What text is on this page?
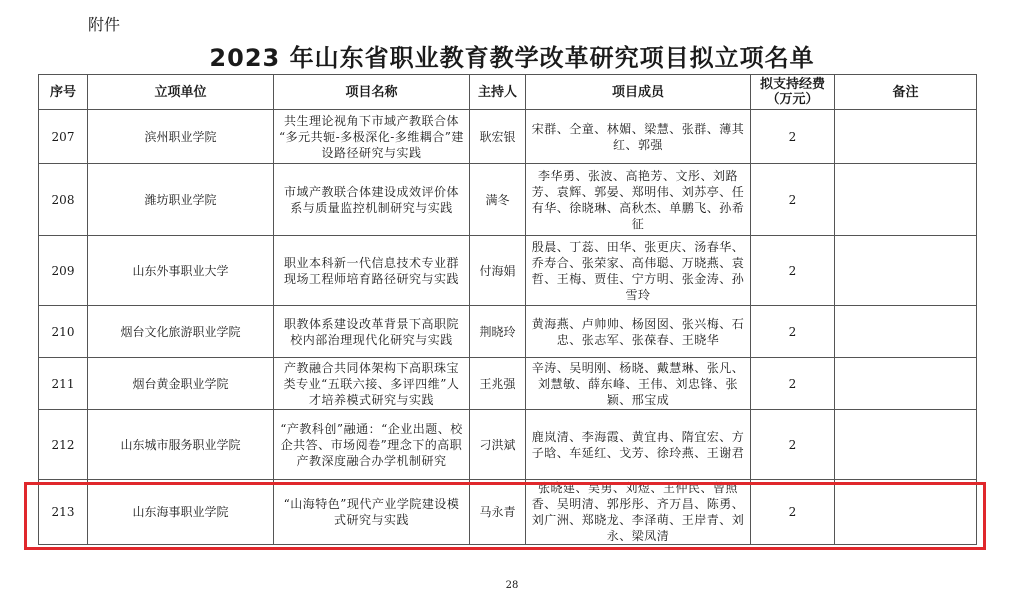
附件
2023 年山东省职业教育教学改革研究项目拟立项名单
序号	立项单位	项目名称	主持人	项目成员	拟支持经费（万元）	备注
207	滨州职业学院	共生理论视角下市域产教联合体 “多元共轭-多极深化-多维耦合”建设路径研究与实践	耿宏银	宋群、仝童、林媚、梁慧、张群、薄其红、郭强	2	
208	潍坊职业学院	市域产教联合体建设成效评价体系与质量监控机制研究与实践	满冬	李华勇、张波、高艳芳、文彤、刘路芳、袁辉、郭晏、郑明伟、刘苏亭、任有华、徐晓琳、高秋杰、单鹏飞、孙希征	2	
209	山东外事职业大学	职业本科新一代信息技术专业群现场工程师培育路径研究与实践	付海娟	殷晨、丁蕊、田华、张更庆、汤春华、乔寿合、张荣家、高伟聪、万晓燕、袁哲、王梅、贾佳、宁方明、张金涛、孙雪玲	2	
210	烟台文化旅游职业学院	职教体系建设改革背景下高职院校内部治理现代化研究与实践	荆晓玲	黄海燕、卢帅帅、杨囡囡、张兴梅、石忠、张志军、张葆春、王晓华	2	
211	烟台黄金职业学院	产教融合共同体架构下高职珠宝类专业“五联六接、多评四维”人才培养模式研究与实践	王兆强	辛涛、吴明刚、杨晓、戴慧琳、张凡、刘慧敏、薛东峰、王伟、刘忠锋、张颖、邢宝成	2	
212	山东城市服务职业学院	“产教科创”融通：“企业出题、校企共答、市场阅卷”理念下的高职产教深度融合办学机制研究	刁洪斌	鹿岚清、李海霞、黄宜冉、隋宜宏、方子晗、车延红、戈芳、徐玲燕、王谢君	2	
213	山东海事职业学院	“山海特色”现代产业学院建设模式研究与实践	马永青	张晓建、吴勇、刘煜、王仲民、曾照香、吴明清、郭彤彤、齐万昌、陈勇、刘广洲、郑晓龙、李泽萌、王岸青、刘永、梁凤清	2	
28
